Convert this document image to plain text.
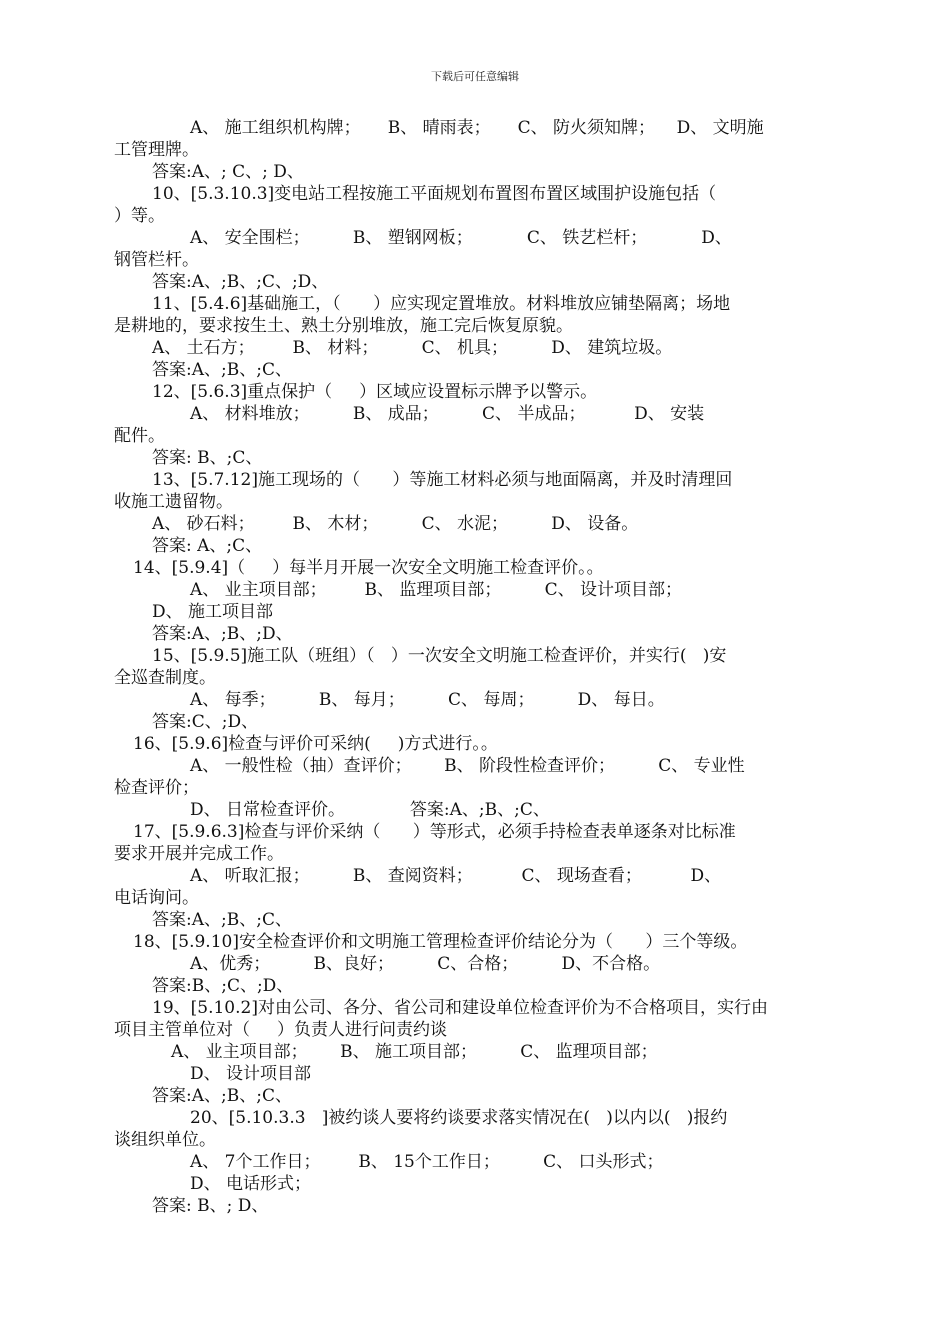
下载后可任意编辑
A、 施工组织机构牌；     B、 晴雨表；     C、 防火须知牌；    D、 文明施
工管理牌。
答案:A、; C、; D、
10、[5.3.10.3]变电站工程按施工平面规划布置图布置区域围护设施包括（
）等。
A、 安全围栏；        B、 塑钢网板；          C、 铁艺栏杆；          D、
钢管栏杆。
答案:A、;B、;C、;D、
11、[5.4.6]基础施工，（      ）应实现定置堆放。材料堆放应铺垫隔离；场地
是耕地的，要求按生土、熟土分别堆放，施工完后恢复原貌。
A、 土石方；       B、 材料；        C、 机具；        D、 建筑垃圾。
答案:A、;B、;C、
12、[5.6.3]重点保护（     ）区域应设置标示牌予以警示。
A、 材料堆放；        B、 成品；        C、 半成品；         D、 安装
配件。
答案: B、;C、
13、[5.7.12]施工现场的（      ）等施工材料必须与地面隔离，并及时清理回
收施工遗留物。
A、 砂石料；       B、 木材；        C、 水泥；        D、 设备。
答案: A、;C、
14、[5.9.4]（     ）每半月开展一次安全文明施工检查评价。。
A、 业主项目部；       B、 监理项目部；        C、 设计项目部；
D、 施工项目部
答案:A、;B、;D、
15、[5.9.5]施工队（班组）（   ）一次安全文明施工检查评价，并实行(   )安
全巡查制度。
A、 每季；        B、 每月；        C、 每周；        D、 每日。
答案:C、;D、
16、[5.9.6]检查与评价可采纳(     )方式进行。。
A、 一般性检（抽）查评价；      B、 阶段性检查评价；        C、 专业性
检查评价；
D、 日常检查评价。            答案:A、;B、;C、
17、[5.9.6.3]检查与评价采纳（      ）等形式，必须手持检查表单逐条对比标准
要求开展并完成工作。
A、 听取汇报；        B、 查阅资料；         C、 现场查看；         D、
电话询问。
答案:A、;B、;C、
18、[5.9.10]安全检查评价和文明施工管理检查评价结论分为（      ）三个等级。
A、优秀；        B、良好；        C、合格；        D、不合格。
答案:B、;C、;D、
19、[5.10.2]对由公司、各分、省公司和建设单位检查评价为不合格项目，实行由
项目主管单位对（     ）负责人进行问责约谈
A、 业主项目部；      B、 施工项目部；        C、 监理项目部；
D、 设计项目部
答案:A、;B、;C、
20、[5.10.3.3   ]被约谈人要将约谈要求落实情况在(   )以内以(   )报约
谈组织单位。
A、 7个工作日；       B、 15个工作日；        C、 口头形式；
D、 电话形式；
答案: B、; D、
